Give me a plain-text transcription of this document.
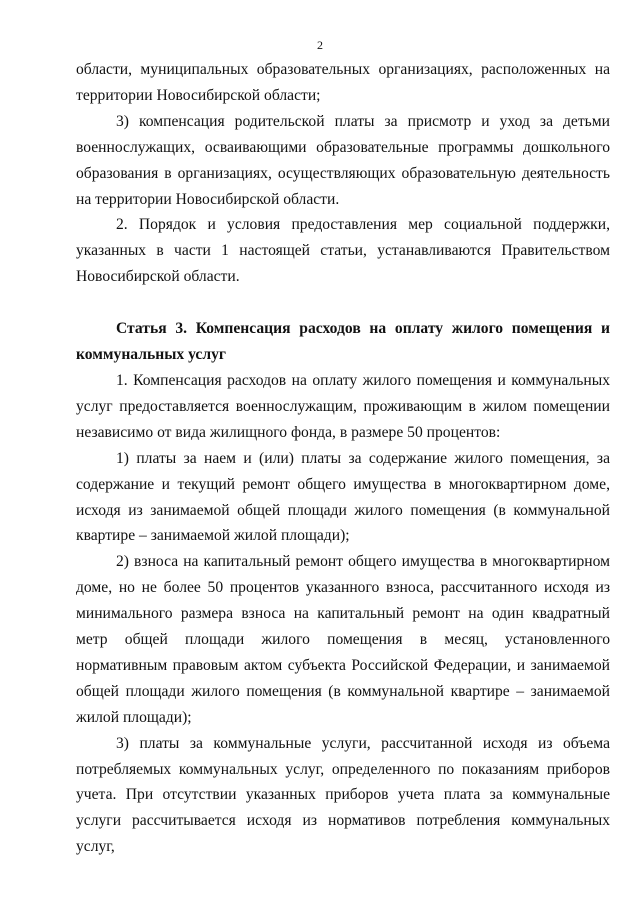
2

области, муниципальных образовательных организациях, расположенных на территории Новосибирской области;

3) компенсация родительской платы за присмотр и уход за детьми военнослужащих, осваивающими образовательные программы дошкольного образования в организациях, осуществляющих образовательную деятельность на территории Новосибирской области.

2. Порядок и условия предоставления мер социальной поддержки, указанных в части 1 настоящей статьи, устанавливаются Правительством Новосибирской области.

Статья 3. Компенсация расходов на оплату жилого помещения и коммунальных услуг

1. Компенсация расходов на оплату жилого помещения и коммунальных услуг предоставляется военнослужащим, проживающим в жилом помещении независимо от вида жилищного фонда, в размере 50 процентов:

1) платы за наем и (или) платы за содержание жилого помещения, за содержание и текущий ремонт общего имущества в многоквартирном доме, исходя из занимаемой общей площади жилого помещения (в коммунальной квартире – занимаемой жилой площади);

2) взноса на капитальный ремонт общего имущества в многоквартирном доме, но не более 50 процентов указанного взноса, рассчитанного исходя из минимального размера взноса на капитальный ремонт на один квадратный метр общей площади жилого помещения в месяц, установленного нормативным правовым актом субъекта Российской Федерации, и занимаемой общей площади жилого помещения (в коммунальной квартире – занимаемой жилой площади);

3) платы за коммунальные услуги, рассчитанной исходя из объема потребляемых коммунальных услуг, определенного по показаниям приборов учета. При отсутствии указанных приборов учета плата за коммунальные услуги рассчитывается исходя из нормативов потребления коммунальных услуг,
